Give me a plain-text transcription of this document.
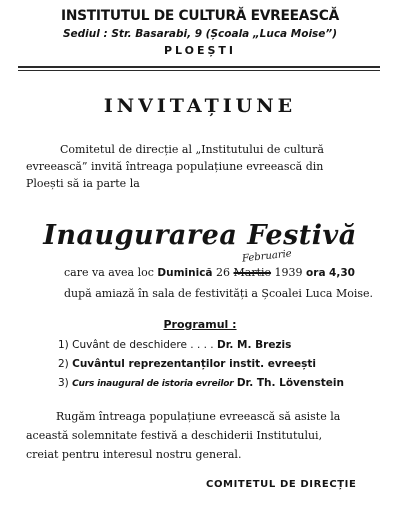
INSTITUTUL DE CULTURĂ EVREEASCĂ
Sediul : Str. Basarabi, 9 (Școala „Luca Moise”)
PLOEȘTI
INVITAȚIUNE
Comitetul de direcție al „Institutului de cultură
evreească” invită întreaga populațiune evreească din
Ploești să ia parte la
Inaugurarea Festivă
Februarie
care va avea loc Duminică 26 Martie 1939 ora 4,30
după amiază în sala de festivități a Școalei Luca Moise.
Programul :
1) Cuvânt de deschidere . . . . Dr. M. Brezis
2) Cuvântul reprezentanților instit. evreești
3) Curs inaugural de istoria evreilor Dr. Th. Lövenstein
Rugăm întreaga populațiune evreească să asiste la
această solemnitate festivă a deschiderii Institutului,
creiat pentru interesul nostru general.
COMITETUL DE DIRECȚIE
